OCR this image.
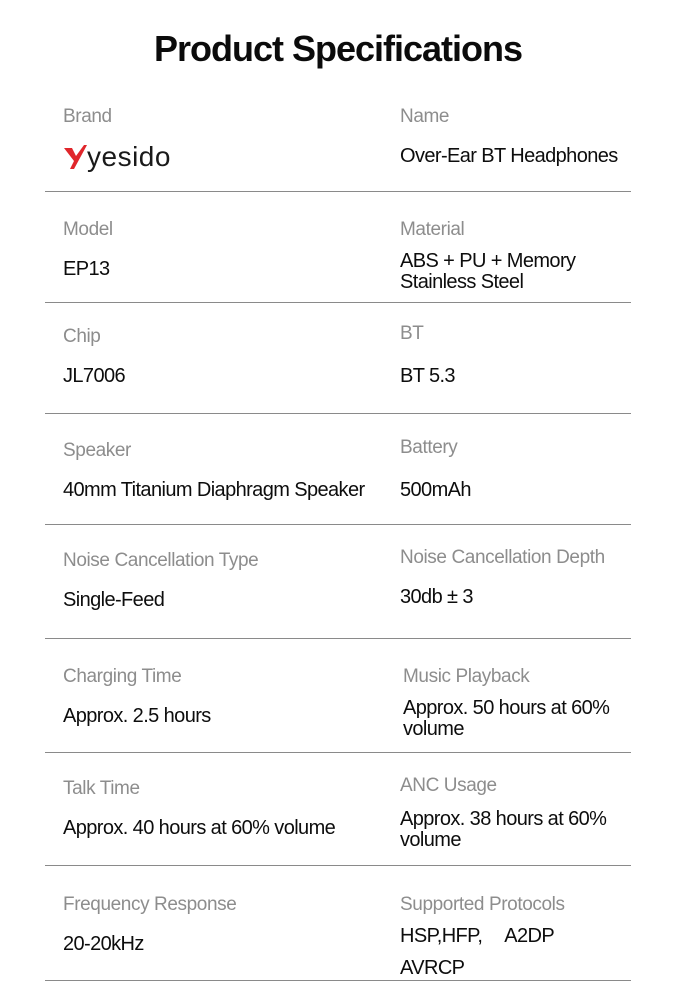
Product Specifications
Brand
yesido
Name
Over-Ear BT Headphones
Model
EP13
Material
ABS + PU + Memory Stainless Steel
Chip
JL7006
BT
BT 5.3
Speaker
40mm Titanium Diaphragm Speaker
Battery
500mAh
Noise Cancellation Type
Single-Feed
Noise Cancellation Depth
30db ± 3
Charging Time
Approx. 2.5 hours
Music Playback
Approx. 50 hours at 60% volume
Talk Time
Approx. 40 hours at 60% volume
ANC Usage
Approx. 38 hours at 60% volume
Frequency Response
20-20kHz
Supported Protocols
HSP,HFP, A2DP
AVRCP
